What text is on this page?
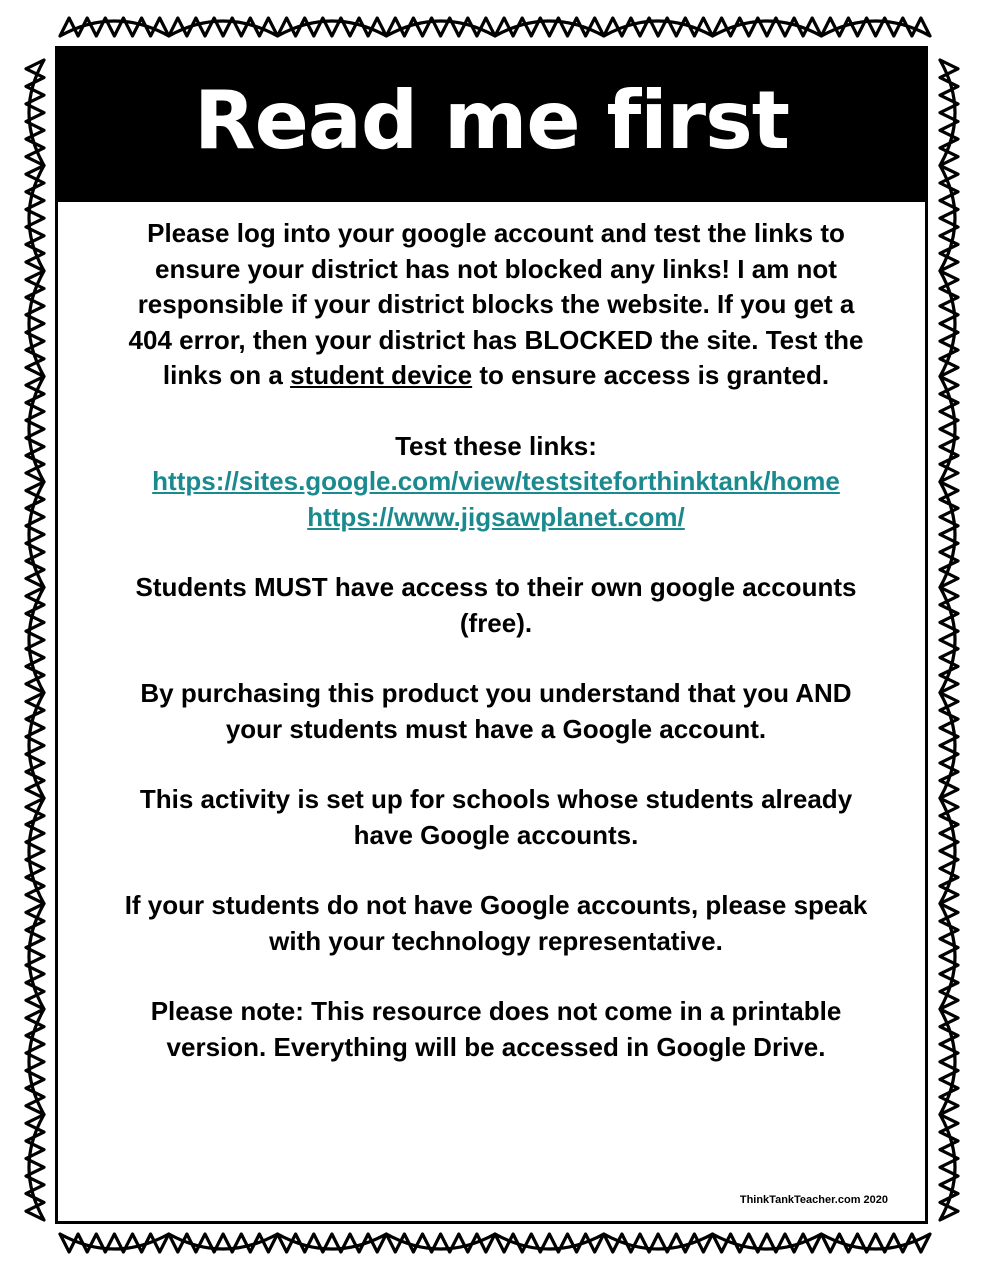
Read me first

Please log into your google account and test the links to
ensure your district has not blocked any links! I am not
responsible if your district blocks the website. If you get a
404 error, then your district has BLOCKED the site. Test the
links on a student device to ensure access is granted.

Test these links:
https://sites.google.com/view/testsiteforthinktank/home
https://www.jigsawplanet.com/

Students MUST have access to their own google accounts
(free).

By purchasing this product you understand that you AND
your students must have a Google account.

This activity is set up for schools whose students already
have Google accounts.

If your students do not have Google accounts, please speak
with your technology representative.

Please note: This resource does not come in a printable
version. Everything will be accessed in Google Drive.

ThinkTankTeacher.com 2020
